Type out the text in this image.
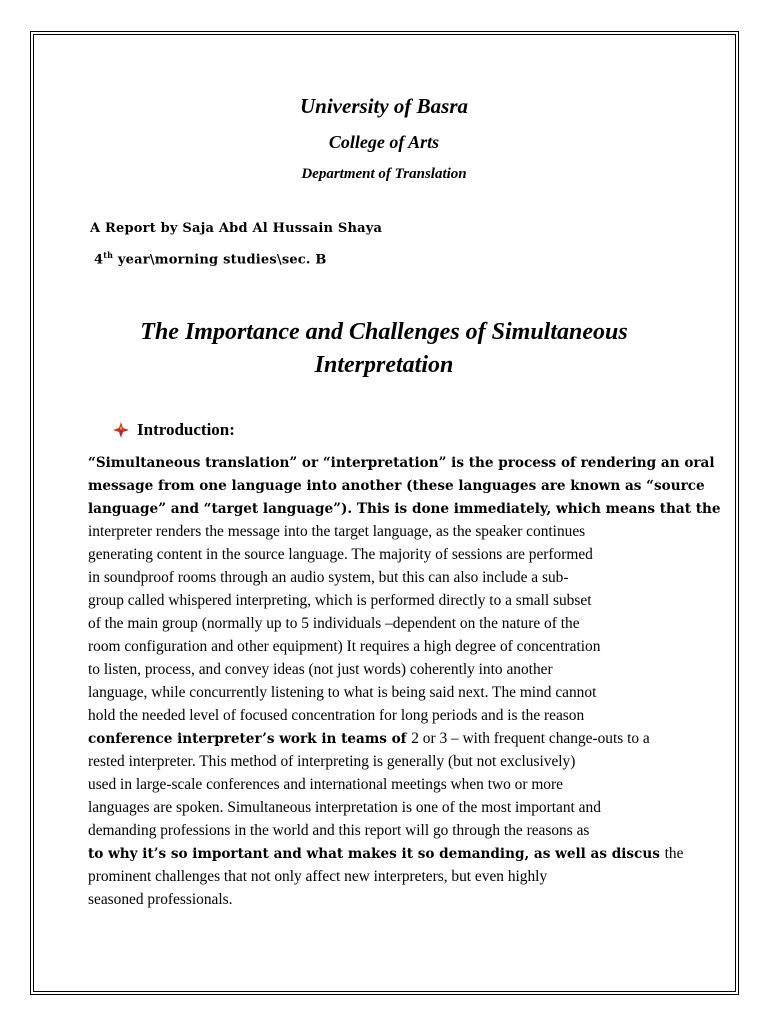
University of Basra
College of Arts
Department of Translation
A Report by Saja Abd Al Hussain Shaya
4th year\morning studies\sec. B
The Importance and Challenges of Simultaneous
Interpretation
Introduction:
“Simultaneous translation” or “interpretation” is the process of rendering an oral
message from one language into another (these languages are known as “source
language” and “target language”). This is done immediately, which means that the
interpreter renders the message into the target language, as the speaker continues
generating content in the source language. The majority of sessions are performed
in soundproof rooms through an audio system, but this can also include a sub-
group called whispered interpreting, which is performed directly to a small subset
of the main group (normally up to 5 individuals –dependent on the nature of the
room configuration and other equipment) It requires a high degree of concentration
to listen, process, and convey ideas (not just words) coherently into another
language, while concurrently listening to what is being said next. The mind cannot
hold the needed level of focused concentration for long periods and is the reason
conference interpreter’s work in teams of 2 or 3 – with frequent change-outs to a
rested interpreter. This method of interpreting is generally (but not exclusively)
used in large-scale conferences and international meetings when two or more
languages are spoken. Simultaneous interpretation is one of the most important and
demanding professions in the world and this report will go through the reasons as
to why it’s so important and what makes it so demanding, as well as discus the
prominent challenges that not only affect new interpreters, but even highly
seasoned professionals.
